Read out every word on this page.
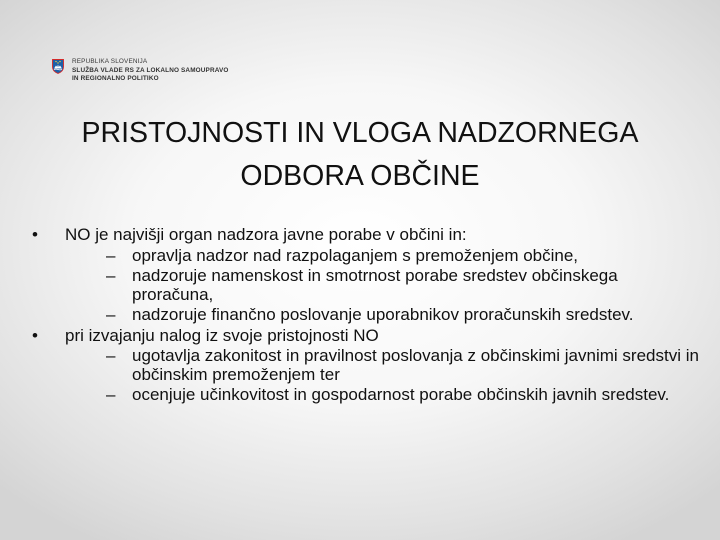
REPUBLIKA SLOVENIJA
SLUŽBA VLADE RS ZA LOKALNO SAMOUPRAVO
IN REGIONALNO POLITIKO
PRISTOJNOSTI IN VLOGA NADZORNEGA
ODBORA OBČINE
• NO je najvišji organ nadzora javne porabe v občini in:
– opravlja nadzor nad razpolaganjem s premoženjem občine,
– nadzoruje namenskost in smotrnost porabe sredstev občinskega proračuna,
– nadzoruje finančno poslovanje uporabnikov proračunskih sredstev.
• pri izvajanju nalog iz svoje pristojnosti NO
– ugotavlja zakonitost in pravilnost poslovanja z občinskimi javnimi sredstvi in občinskim premoženjem ter
– ocenjuje učinkovitost in gospodarnost porabe občinskih javnih sredstev.
